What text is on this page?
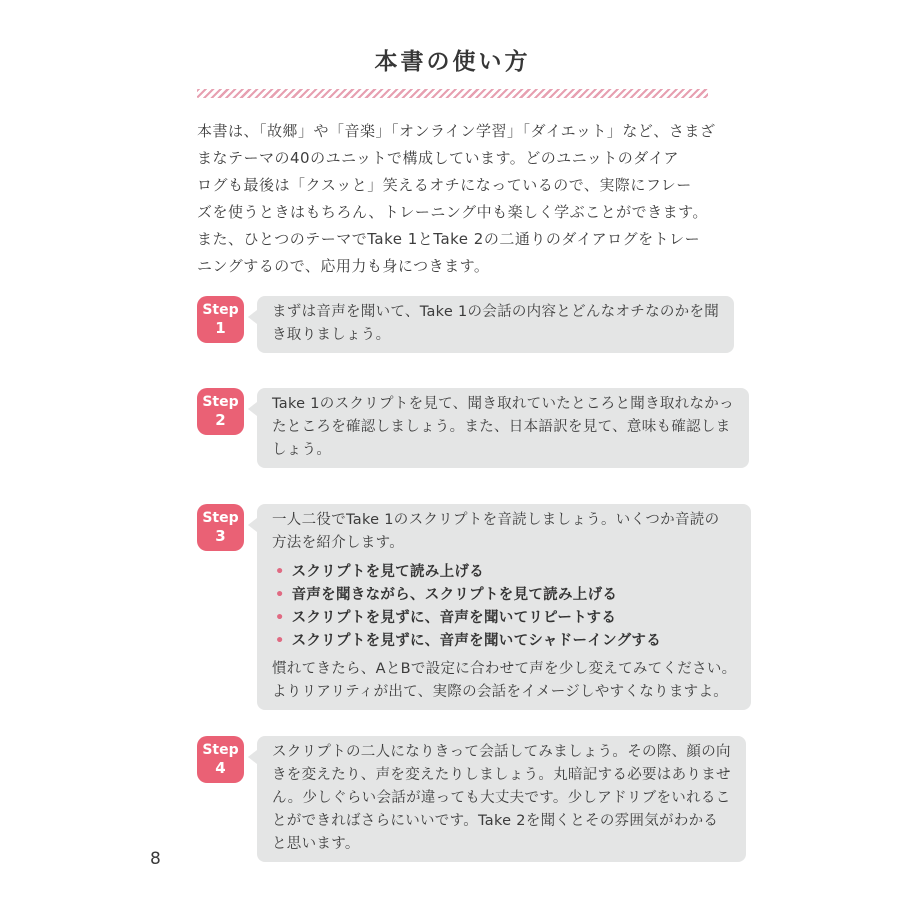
本書の使い方
本書は、「故郷」や「音楽」「オンライン学習」「ダイエット」など、さまざ
まなテーマの40のユニットで構成しています。どのユニットのダイア
ログも最後は「クスッと」笑えるオチになっているので、実際にフレー
ズを使うときはもちろん、トレーニング中も楽しく学ぶことができます。
また、ひとつのテーマでTake 1とTake 2の二通りのダイアログをトレー
ニングするので、応用力も身につきます。
Step
1
まずは音声を聞いて、Take 1の会話の内容とどんなオチなのかを聞
き取りましょう。
Step
2
Take 1のスクリプトを見て、聞き取れていたところと聞き取れなかっ
たところを確認しましょう。また、日本語訳を見て、意味も確認しま
しょう。
Step
3
一人二役でTake 1のスクリプトを音読しましょう。いくつか音読の
方法を紹介します。
• スクリプトを見て読み上げる
• 音声を聞きながら、スクリプトを見て読み上げる
• スクリプトを見ずに、音声を聞いてリピートする
• スクリプトを見ずに、音声を聞いてシャドーイングする
慣れてきたら、AとBで設定に合わせて声を少し変えてみてください。
よりリアリティが出て、実際の会話をイメージしやすくなりますよ。
Step
4
スクリプトの二人になりきって会話してみましょう。その際、顔の向
きを変えたり、声を変えたりしましょう。丸暗記する必要はありませ
ん。少しぐらい会話が違っても大丈夫です。少しアドリブをいれるこ
とができればさらにいいです。Take 2を聞くとその雰囲気がわかる
と思います。
8
